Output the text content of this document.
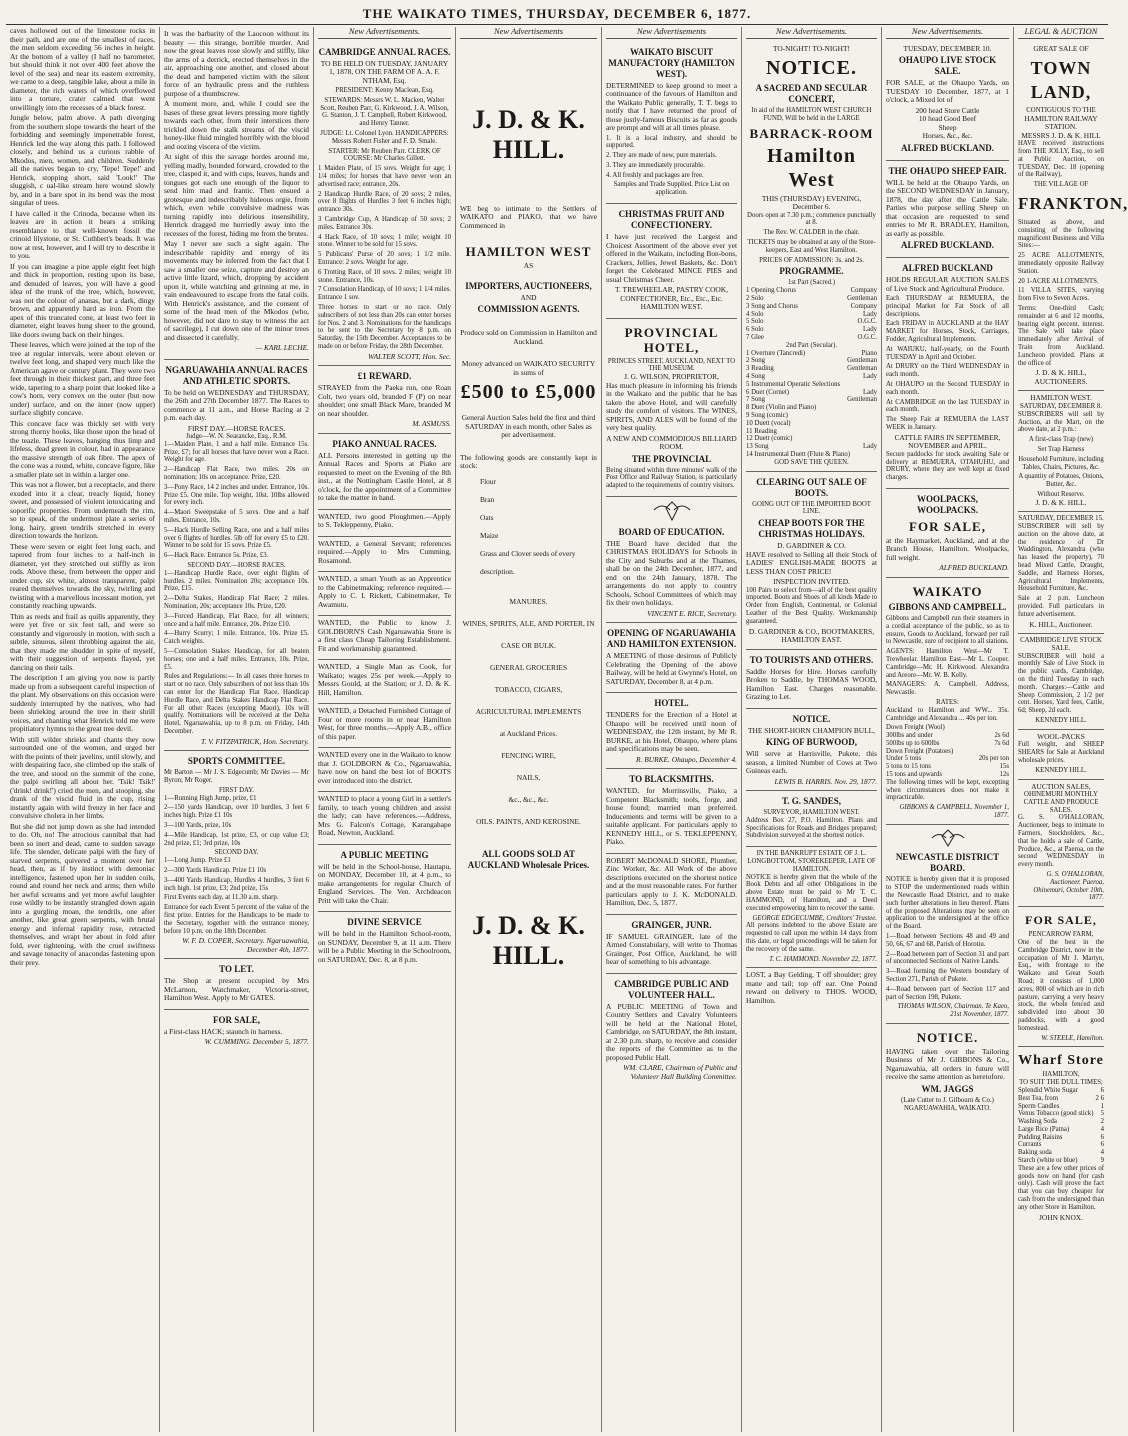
THE WAIKATO TIMES, THURSDAY, DECEMBER 6, 1877.

caves hollowed out of the limestone rocks in their path, and are one of the smallest of races, the men seldom exceeding 56 inches in height. At the bottom of a valley (I half no barometer, but should think it not over 400 feet above the level of the sea) and near its eastern extremity, we came to a deep, tangible lake, about a mile in diameter, the rich waters of which overflowed into a torture, crater calmed that went unwillingly into the recesses of a black forest.

Jungle below, palm above. A path diverging from the southern slope towards the heart of the forbidding and seemingly impenetrable forest, Henrick led the way along this path. I followed closely, and behind us a curious rabble of Mkodos, men, women, and children. Suddenly all the natives began to cry, 'Tepe! Tepe!' and Henrick, stopping short, said 'Look!' The sluggish, c ual-like stream here wound slowly by, and in a bare spot in its bend was the most singular of trees.

I have called it the Crinoda, because when its leaves are in action it bears a striking resemblance to that well-known fossil the crinoid lilystone, or St. Cuthbert's beads. It was now at rest, however, and I will try to describe it to you.

If you can imagine a pine apple eight feet high and thick in proportion, resting upon its base, and denuded of leaves, you will have a good idea of the trunk of the tree, which, however, was not the colour of ananas, but a dark, dingy brown, and apparently hard as iron. From the apex of this truncated cone, at least two feet in diameter, eight leaves hung sheer to the ground, like doors swung back on their hinges.

These leaves, which were joined at the top of the tree at regular intervals, were about eleven or twelve feet long, and shaped very much like the American agave or century plant. They were two feet through in their thickest part, and three feet wide, tapering to a sharp point that looked like a cow's horn, very convex on the outer (but now under) surface, and on the inner (now upper) surface slightly concave.

This concave face was thickly set with very strong thorny hooks, like those upon the head of the teazle. These leaves, hanging thus limp and lifeless, dead green in colour, had in appearance the massive strength of oak fibre. The apex of the cone was a round, white, concave figure, like a smaller plate set in within a larger one.

This was not a flower, but a receptacle, and there exuded into it a clear, treacly liquid, honey sweet, and possessed of violent intoxicating and soporific properties. From underneath the rim, so to speak, of the undermost plate a series of long, hairy, green tendrils stretched in every direction towards the horizon.

These were seven or eight feet long each, and tapered from four inches to a half-inch in diameter, yet they stretched out stiffly as iron rods. Above these, from between the upper and under cup, six white, almost transparent, palpi reared themselves towards the sky, twirling and twisting with a marvellous incessant motion, yet constantly reaching upwards.

Thin as reeds and frail as quills apparently, they were yet five or six feet tall, and were so constantly and vigorously in motion, with such a subtle, sinuous, silent throbbing against the air, that they made me shudder in spite of myself, with their suggestion of serpents flayed, yet dancing on their tails.

The description I am giving you now is partly made up from a subsequent careful inspection of the plant. My observations on this occasion were suddenly interrupted by the natives, who had been shrieking around the tree in their shrill voices, and chanting what Henrick told me were propitiatory hymns to the great tree devil.

With still wilder shrieks and chants they now surrounded one of the women, and urged her with the points of their javelins, until slowly, and with despairing face, she climbed up the stalk of the tree, and stood on the summit of the cone, the palpi swirling all about her. 'Tsik! Tsik!' ('drink! drink!') cried the men, and stooping, she drank of the viscid fluid in the cup, rising instantly again with wild frenzy in her face and convulsive cholera in her limbs.

But she did not jump down as she had intended to do. Oh, no! The atrocious cannibal that had been so inert and dead, came to sudden savage life. The slender, delicate palpi with the fury of starved serpents, quivered a moment over her head, then, as if by instinct with demoniac intelligence, fastened upon her in sudden coils, round and round her neck and arms; then while her awful screams and yet more awful laughter rose wildly to be instantly strangled down again into a gurgling moan, the tendrils, one after another, like great green serpents, with brutal energy and infernal rapidity rose, retracted themselves, and wrapt her about in fold after fold, ever tightening, with the cruel swiftness and savage tenacity of anacondas fastening upon their prey.

It was the barbarity of the Laocoon without its beauty — this strange, horrible murder. And now the great leaves rose slowly and stiffly, like the arms of a derrick, erected themselves in the air, approaching one another, and closed about the dead and hampered victim with the silent force of an hydraulic press and the ruthless purpose of a thumbscrew.

A moment more, and, while I could see the bases of these great levers pressing more tightly towards each other, from their interstices there trickled down the stalk streams of the viscid honey-like fluid mingled horribly with the blood and oozing viscera of the victim.

At sight of this the savage hordes around me, yelling madly, bounded forward, crowded to the tree, clasped it, and with cups, leaves, hands and tongues got each one enough of the liquor to send him mad and frantic. Then ensued a grotesque and indescribably hideous orgie, from which, even while convulsive madness was turning rapidly into delirious insensibility, Henrick dragged me hurriedly away into the recesses of the forest, hiding me from the brutes.

May I never see such a sight again. The indescribable rapidity and energy of its movements may be inferred from the fact that I saw a smaller one seize, capture and destroy an active little lizard, which, dropping by accident upon it, while watching and grinning at me, in vain endeavoured to escape from the fatal coils. With Henrick's assistance, and the consent of some of the head men of the Mkodos (who, however, did not dare to stay to witness the act of sacrilege), I cut down one of the minor trees and dissected it carefully.

— KARL LECHE.

NGARUAWAHIA ANNUAL RACES AND ATHLETIC SPORTS.

To be held on WEDNESDAY and THURSDAY, the 26th and 27th December 1877. The Races to commence at 11 a.m., and Horse Racing at 2 p.m. each day.

FIRST DAY.—HORSE RACES.
Judge—W. N. Searancke, Esq., R.M.

1—Maiden Plate, 1 and a half mile. Entrance 15s. Prize, £7; for all horses that have never won a Race. Weight for age.

2—Handicap Flat Race, two miles. 20s on nomination; 10s on acceptance. Prize, £20.

3—Pony Race, 14 2 inches and under. Entrance, 10s. Prize £5. One mile. Top weight, 10st. 10lbs allowed for every inch.

4—Maori Sweepstake of 5 sovs. One and a half miles. Entrance, 10s.

5—Hack Hurdle Selling Race, one and a half miles over 6 flights of hurdles. 5lb off for every £5 to £20. Winner to be sold for 15 sovs. Prize £5.

6—Hack Race. Entrance 5s. Prize, £3.

SECOND DAY.—HORSE RACES.

1—Handicap Hurdle Race, over eight flights of hurdles. 2 miles. Nomination 20s; acceptance 10s. Prize, £15.

2—Delta Stakes, Handicap Flat Race; 2 miles. Nomination, 20s; acceptance 10s. Prize, £20.

3—Forced Handicap, Flat Race, for all winners; once and a half mile. Entrance, 20s. Prize £10.

4—Hurry Scurry; 1 mile. Entrance, 10s. Prize £5. Catch weights.

5—Consolation Stakes Handicap, for all beaten horses; one and a half miles. Entrance, 10s. Prize, £5.

Rules and Regulations:— In all cases three horses to start or no race. Only subscribers of not less than 10s can enter for the Handicap Flat Race, Handicap Hurdle Race, and Delta Stakes Handicap Flat Race. For all other Races (excepting Maori), 10s will qualify. Nominations will be received at the Delta Hotel, Ngaruawahia, up to 8 p.m. on Friday, 14th December.

T. V. FITZPATRICK, Hon. Secretary.
SPORTS COMMITTEE.

Mr Barton — Mr J. S. Edgecumb; Mr Davies — Mr Byron; Mr Roger.

FIRST DAY.

1—Running High Jump, prize, £1

2—150 yards Handicap, over 10 hurdles, 3 feet 6 inches high. Prize £1 10s

3—100 Yards, prize, 10s

4—Mile Handicap, 1st prize, £3, or cup value £3; 2nd prize, £1; 3rd prize, 10s

SECOND DAY.

1—Long Jump. Prize £1

2—300 Yards Handicap. Prize £1 10s

3—400 Yards Handicap, Hurdles 4 hurdles, 3 feet 6 inch high. 1st prize, £3; 2nd prize, 15s

First Events each day, at 11.30 a.m. sharp.

Entrance for each Event 5 percent of the value of the first prize. Entries for the Handicaps to be made to the Secretary, together with the entrance money, before 10 p.m. on the 18th December.

W. F. D. COPER, Secretary. Ngaruawahia, December 4th, 1877.
TO LET.

The Shop at present occupied by Mrs McLarnon, Watchmaker, Victoria-street, Hamilton West. Apply to Mr GATES.

FOR SALE,

a First-class HACK; staunch in harness.

W. CUMMING. December 5, 1877.
New Advertisements.
CAMBRIDGE ANNUAL RACES.

TO BE HELD ON TUESDAY, JANUARY 1, 1878, ON THE FARM OF A. A. F. NTHAM, Esq.

PRESIDENT: Kenny Maclean, Esq.

STEWARDS: Messrs W. L. Macken, Walter Scott, Reuben Parr, G. Kirkwood, J. A. Wilson, G. Stanton, J. T. Campbell, Robert Kirkwood, and Henry Tanner.

JUDGE: Lt. Colonel Lyon. HANDICAPPERS: Messrs Robert Fisher and F. D. Smale.

STARTER: Mr Reuben Parr. CLERK OF COURSE: Mr Charles Gillett.

1 Maiden Plate, of 15 sovs. Weight for age; 1 1/4 miles; for horses that have never won an advertised race; entrance, 20s.

2 Handicap Hurdle Race, of 20 sovs; 2 miles, over 8 flights of Hurdles 3 feet 6 inches high; entrance 30s.

3 Cambridge Cup, A Handicap of 50 sovs; 2 miles. Entrance 30s.

4 Hack Race, of 10 sovs; 1 mile; weight 10 stone. Winner to be sold for 15 sovs.

5 Publicans' Purse of 20 sovs; 1 1/2 mile. Entrance: 2 sovs. Weight for age.

6 Trotting Race, of 10 sovs. 2 miles; weight 10 stone. Entrance, 10s.

7 Consolation Handicap, of 10 sovs; 1 1/4 miles. Entrance 1 sov.

Three horses to start or no race. Only subscribers of not less than 20s can enter horses for Nos. 2 and 3. Nominations for the handicaps to be sent to the Secretary by 8 p.m. on Saturday, the 15th December. Acceptances to be made on or before Friday, the 28th December.

WALTER SCOTT, Hon. Sec.
£1 REWARD.

STRAYED from the Paeka run, one Roan Colt, two years old, branded F (P) on near shoulder; one small Black Mare, branded M on near shoulder.

M. ASMUSS.
PIAKO ANNUAL RACES.

ALL Persons interested in getting up the Annual Races and Sports at Piako are requested to meet on the Evening of the 8th inst., at the Nottingham Castle Hotel, at 8 o'clock, for the appointment of a Committee to take the matter in hand.

WANTED, two good Ploughmen.—Apply to S. Tekleppenny, Piako.

WANTED, a General Servant; references required.—Apply to Mrs Cumming, Rosamond.

WANTED, a smart Youth as an Apprentice to the Cabinetmaking; reference required.—Apply to C. I. Rickett, Cabinetmaker, Te Awamutu.

WANTED, the Public to know J. GOLDBORN'S Cash Ngaruawahia Store is a first class Cheap Tailoring Establishment. Fit and workmanship guaranteed.

WANTED, a Single Man as Cook, for Waikato; wages 25s per week.—Apply to Messrs Gould, at the Station; or J. D. & K. Hill, Hamilton.

WANTED, a Detached Furnished Cottage of Four or more rooms in or near Hamilton West, for three months.—Apply A.B., office of this paper.

WANTED every one in the Waikato to know that J. GOLDBORN & Co., Ngaruawahia, have now on hand the best lot of BOOTS ever introduced into the district.

WANTED to place a young Girl in a settler's family, to teach young children and assist the lady; can have references.—Address, Mrs G. Falcon's Cottage, Karangahape Road, Newton, Auckland.

A PUBLIC MEETING

will be held in the School-house, Hautapu, on MONDAY, December 10, at 4 p.m., to make arrangements for regular Church of England Services. The Ven. Archdeacon Pritt will take the Chair.

DIVINE SERVICE

will be held in the Hamilton School-room, on SUNDAY, December 9, at 11 a.m. There will be a Public Meeting in the Schoolroom, on SATURDAY, Dec. 8, at 8 p.m.

New Advertisements
J. D. & K. HILL.

WE beg to intimate to the Settlers of WAIKATO and PIAKO, that we have Commenced in

HAMILTON WEST
AS
IMPORTERS, AUCTIONEERS,
AND
COMMISSION AGENTS.

Produce sold on Commission in Hamilton and Auckland.

Money advanced on WAIKATO SECURITY in sums of

£500 to £5,000

General Auction Sales held the first and third SATURDAY in each month, other Sales as per advertisement.

The following goods are constantly kept in stock:

Flour
Bran
Oats
Maize
Grass and Clover seeds of every description.
MANURES.
WINES, SPIRITS, ALE, AND PORTER, IN CASE OR BULK.
GENERAL GROCERIES
TOBACCO, CIGARS,
AGRICULTURAL IMPLEMENTS
at Auckland Prices.
FENCING WIRE,
NAILS,
&c., &c., &c.
OILS. PAINTS, AND KEROSINE.
ALL GOODS SOLD AT AUCKLAND Wholesale Prices.
J. D. & K. HILL.
New Advertisements
WAIKATO BISCUIT MANUFACTORY (HAMILTON WEST).

DETERMINED to keep ground to meet a continuance of the favours of Hamilton and the Waikato Public generally, T. T. begs to notify that I have returned the proof of those justly-famous Biscuits as far as goods are prompt and will at all times please.

1. It is a local industry, and should be supported.

2. They are made of new, pure materials.

3. They are immediately procurable.

4. All freshly and packages are free.

Samples and Trade Supplied. Price List on application.

CHRISTMAS FRUIT AND CONFECTIONERY.

I have just received the Largest and Choicest Assortment of the above ever yet offered in the Waikato, including Bon-bons, Crackers, Jellies, Jewel Baskets, &c. Don't forget the Celebrated MINCE PIES and usual Christmas Cheer.

T. TREWHEELAR, PASTRY COOK, CONFECTIONER, Etc., Etc., Etc. HAMILTON WEST.

PROVINCIAL HOTEL,
PRINCES STREET, AUCKLAND, NEXT TO THE MUSEUM.
J. G. WILSON, PROPRIETOR,

Has much pleasure in informing his friends in the Waikato and the public that he has taken the above Hotel, and will carefully study the comfort of visitors. The WINES, SPIRITS, AND ALES will be found of the very best quality.

A NEW AND COMMODIOUS BILLIARD ROOM.
THE PROVINCIAL

Being situated within three minutes' walk of the Post Office and Railway Station, is particularly adapted to the requirements of country visitors.

BOARD OF EDUCATION.

THE Board have decided that the CHRISTMAS HOLIDAYS for Schools in the City and Suburbs and at the Thames, shall be on the 24th December, 1877, and end on the 24th January, 1878. The arrangements do not apply to country Schools, School Committees of which may fix their own holidays.

VINCENT E. RICE, Secretary.
OPENING OF NGARUAWAHIA AND HAMILTON EXTENSION.

A MEETING of those desirous of Publicly Celebrating the Opening of the above Railway, will be held at Gwynne's Hotel, on SATURDAY, December 8, at 4 p.m.

HOTEL.

TENDERS for the Erection of a Hotel at Ohaupo will be received until noon of WEDNESDAY, the 12th instant, by Mr R. BURKE, at his Hotel, Ohaupo, where plans and specifications may be seen.

R. BURKE. Ohaupo, December 4.
TO BLACKSMITHS.

WANTED, for Morrinsville, Piako, a Competent Blacksmith; tools, forge, and house found; married man preferred. Inducements and terms will be given to a suitable applicant. For particulars apply to KENNEDY HILL, or S. TEKLEPPENNY, Piako.

ROBERT McDONALD SHORE, Plumber, Zinc Worker, &c. All Work of the above descriptions executed on the shortest notice and at the most reasonable rates. For further particulars apply to J. K. McDONALD. Hamilton, Dec. 5, 1877.

GRAINGER, JUNR.

IF SAMUEL GRAINGER, late of the Armed Constabulary, will write to Thomas Grainger, Post Office, Auckland, he will hear of something to his advantage.

CAMBRIDGE PUBLIC AND VOLUNTEER HALL.

A PUBLIC MEETING of Town and Country Settlers and Cavalry Volunteers will be held at the National Hotel, Cambridge, on SATURDAY, the 8th instant, at 2.30 p.m. sharp, to receive and consider the reports of the Committee as to the proposed Public Hall.

WM. CLARE, Chairman of Public and Volunteer Hall Building Committee.
New Advertisements.
TO-NIGHT! TO-NIGHT!
NOTICE.
A SACRED AND SECULAR CONCERT,

In aid of the HAMILTON WEST CHURCH FUND, Will be held in the LARGE

BARRACK-ROOM
Hamilton West
THIS (THURSDAY) EVENING, December 6.

Doors open at 7.30 p.m.; commence punctually at 8.

The Rev. W. CALDER in the chair.

TICKETS may be obtained at any of the Store-keepers, East and West Hamilton.

PRICES OF ADMISSION: 3s. and 2s.

PROGRAMME.
1st Part (Sacred.)
1 Opening Chorus	Company
2 Solo	Gentleman
3 Song and Chorus	Company
4 Solo	Lady
5 Solo	O.G.C.
6 Solo	Lady
7 Glee	O.G.C.
2nd Part (Secular).
1 Overture (Tancredi)	Piano
2 Song	Gentleman
3 Reading	Gentleman
4 Song	Lady
5 Instrumental Operatic Selections
6 Duet (Cornet)	Lady
7 Song	Gentleman
8 Duet (Violin and Piano)
9 Song (comic)
10 Duett (vocal)
11 Reading
12 Duett (comic)
13 Song	Lady
14 Instrumental Duett (Flute & Piano)
GOD SAVE THE QUEEN.
CLEARING OUT SALE OF BOOTS.
GOING OUT OF THE IMPORTED BOOT LINE.
CHEAP BOOTS FOR THE CHRISTMAS HOLIDAYS.
D. GARDINER & CO.

HAVE resolved to Selling all their Stock of LADIES' ENGLISH-MADE BOOTS at LESS THAN COST PRICE!

INSPECTION INVITED.

100 Pairs to select from—all of the best quality imported. Boots and Shoes of all kinds Made to Order from English, Continental, or Colonial Leather of the Best Quality. Workmanship guaranteed.

D. GARDINER & CO., BOOTMAKERS, HAMILTON EAST.
TO TOURISTS AND OTHERS.

Saddle Horses for Hire. Horses carefully Broken to Saddle, by THOMAS WOOD, Hamilton East. Charges reasonable. Grazing to Let.

NOTICE.
THE SHORT-HORN CHAMPION BULL,
KING OF BURWOOD,

Will serve at Harrisville, Pukete, this season, a limited Number of Cows at Two Guineas each.

LEWIS B. HARRIS. Nov. 29, 1877.
T. G. SANDES,
SURVEYOR, HAMILTON WEST.

Address Box 27, P.O. Hamilton. Plans and Specifications for Roads and Bridges prepared; Subdivision surveyed at the shortest notice.

IN THE BANKRUPT ESTATE OF J. L. LONGBOTTOM, STOREKEEPER, LATE OF HAMILTON.

NOTICE is hereby given that the whole of the Book Debts and all other Obligations in the above Estate must be paid to Mr T. C. HAMMOND, of Hamilton, and a Deed executed empowering him to recover the same.

GEORGE EDGECUMBE, Creditors' Trustee.

All persons indebted to the above Estate are requested to call upon me within 14 days from this date, or legal proceedings will be taken for the recovery of the same.

T. C. HAMMOND. November 22, 1877.

LOST, a Bay Gelding, T off shoulder; grey mane and tail; top off ear. One Pound reward on delivery to THOS. WOOD, Hamilton.

New Advertisements.
TUESDAY, DECEMBER 10.
OHAUPO LIVE STOCK SALE.

FOR SALE, at the Ohaupo Yards, on TUESDAY 10 December, 1877, at 1 o'clock, a Mixed lot of

200 head Store Cattle
10 head Good Beef
Sheep
Horses, &c., &c.
ALFRED BUCKLAND.
THE OHAUPO SHEEP FAIR.

WILL be held at the Ohaupo Yards, on the SECOND WEDNESDAY in January, 1878, the day after the Cattle Sale. Parties who purpose selling Sheep on that occasion are requested to send entries to Mr R. BRADLEY, Hamilton, as early as possible.

ALFRED BUCKLAND.
ALFRED BUCKLAND

HOLDS REGULAR AUCTION SALES of Live Stock and Agricultural Produce.

Each THURSDAY at REMUERA, the principal Market for Fat Stock of all descriptions.

Each FRIDAY in AUCKLAND at the HAY MARKET for Horses, Stock, Carriages, Fodder, Agricultural Implements.

At WAIUKU, half-yearly, on the Fourth TUESDAY in April and October.

At DRURY on the Third WEDNESDAY in each month.

At OHAUPO on the Second TUESDAY in each month.

At CAMBRIDGE on the last TUESDAY in each month.

The Sheep Fair at REMUERA the LAST WEEK in January.

CATTLE FAIRS IN SEPTEMBER, NOVEMBER and APRIL.

Secure paddocks for stock awaiting Sale or delivery at REMUERA, OTAHUHU, and DRURY, where they are well kept at fixed charges.

WOOLPACKS, WOOLPACKS.
FOR SALE,

at the Haymarket, Auckland, and at the Branch House, Hamilton. Woolpacks, full weight.

ALFRED BUCKLAND.
WAIKATO
GIBBONS AND CAMPBELL.

Gibbons and Campbell run their steamers in a cordial acceptance of the public, so as to ensure, Goods to Auckland, forward per rail to Newcastle, sure of recipient to all stations.

AGENTS: Hamilton West—Mr T. Trewheelar. Hamilton East—Mr L. Cooper. Cambridge—Mr. H. Kirkwood. Alexandra and Areore—Mr. W. B. Kelly.

MANAGERS: A. Campbell. Address, Newcastle.

RATES:

Auckland to Hamilton and WW... 35s. Cambridge and Alexandra ... 40s per ton.

Down Freight (Wool)
300lbs and under	2s 6d
500lbs up to 600lbs	7s 6d
Down Freight (Potatoes)
Under 5 tons	20s per ton
5 tons to 15 tons	15s
15 tons and upwards	12s

The following times will be kept, excepting when circumstances does not make it impracticable.

GIBBONS & CAMPBELL. November 1, 1877.
NEWCASTLE DISTRICT BOARD.

NOTICE is hereby given that it is proposed to STOP the undermentioned roads within the Newcastle Road District, and to make such further alterations in lieu thereof. Plans of the proposed Alterations may be seen on application to the undersigned at the office of the Board.

1—Road between Sections 48 and 49 and 50, 66, 67 and 68, Parish of Horotiu.

2—Road between part of Section 31 and part of unconnected Sections of Native Lands.

3—Road forming the Western boundary of Section 271, Parish of Pukete.

4—Road between part of Section 117 and part of Section 198, Pukete.

THOMAS WILSON, Chairman. Te Kaeo, 21st November, 1877.
NOTICE.

HAVING taken over the Tailoring Business of Mr J. GIBBONS & Co., Ngaruawahia, all orders in future will receive the same attention as heretofore.

WM. JAGGS
(Late Cutter to J. Gilbourn & Co.) NGARUAWAHIA, WAIKATO.
LEGAL & AUCTION
GREAT SALE OF
TOWN LAND,
CONTIGUOUS TO THE
HAMILTON RAILWAY STATION.
MESSRS J. D. & K. HILL

HAVE received instructions from THE JOLLY, Esq., to sell at Public Auction, on TUESDAY, Dec. 18 (opening of the Railway),

THE VILLAGE OF
FRANKTON,

Situated as above, and consisting of the following magnificent Business and Villa Sites:—

25 ACRE ALLOTMENTS, immediately opposite Railway Station.

20 1-ACRE ALLOTMENTS.

11 VILLA SITES, varying from Five to Seven Acres.

Terms: One-third Cash; remainder at 6 and 12 months, bearing eight percent. interest. The Sale will take place immediately after Arrival of Train from Auckland. Luncheon provided. Plans at the office of

J. D. & K. HILL, AUCTIONEERS.
HAMILTON WEST.
SATURDAY, DECEMBER 8.

SUBSCRIBERS will sell by Auction, at the Mart, on the above date, at 2 p.m.:

A first-class Trap (new)

Set Trap Harness

Household Furniture, including Tables, Chairs, Pictures, &c.

A quantity of Potatoes, Onions, Butter, &c.

Without Reserve.
J. D. & K. HILL.
SATURDAY, DECEMBER 15.

SUBSCRIBER will sell by auction on the above date, at the residence of Dr Waddington, Alexandra (who has leased the property), 70 head Mixed Cattle, Draught, Saddle, and Harness Horses, Agricultural Implements, Household Furniture, &c.

Sale at 2 p.m. Luncheon provided. Full particulars in future advertisement.

K. HILL, Auctioneer.
CAMBRIDGE LIVE STOCK SALE.

SUBSCRIBER will hold a monthly Sale of Live Stock in the public yards, Cambridge, on the third Tuesday in each month. Charges:—Cattle and Sheep Commission, 2 1/2 per cent. Horses, Yard fees, Cattle, 6d; Sheep, 2d each.

KENNEDY HILL.
WOOL-PACKS

Full weight, and SHEEP SHEARS for Sale at Auckland wholesale prices.

KENNEDY HILL.
AUCTION SALES,
OHINEMURI MONTHLY CATTLE AND PRODUCE SALES.

G. S. O'HALLORAN, Auctioneer, begs to intimate to Farmers, Stockholders, &c., that he holds a sale of Cattle, Produce, &c., at Paeroa, on the second WEDNESDAY in every month.

G. S. O'HALLORAN, Auctioneer. Paeroa, Ohinemuri, October 10th, 1877.
FOR SALE,
PENCARROW FARM,

One of the best in the Cambridge District, now in the occupation of Mr J. Martyn, Esq., with frontage to the Waikato and Great South Road; it consists of 1,000 acres, 800 of which are in rich pasture, carrying a very heavy stock, the whole fenced and subdivided into about 30 paddocks, with a good homestead.

W. STEELE, Hamilton.
Wharf Store
HAMILTON,
TO SUIT THE DULL TIMES;
Splendid White Sugar	6
Best Tea, from	2 6
Sperm Candles	1
Venus Tobacco (good stick) 5
Washing Soda	2
Large Rice (Patna)	4
Pudding Raisins	6
Currants	6
Baking soda	4
Starch (white or blue)	9

These are a few other prices of goods now on hand (for cash only). Cash will prove the fact that you can buy cheaper for cash from the undersigned than any other Store in Hamilton.

JOHN KNOX.
